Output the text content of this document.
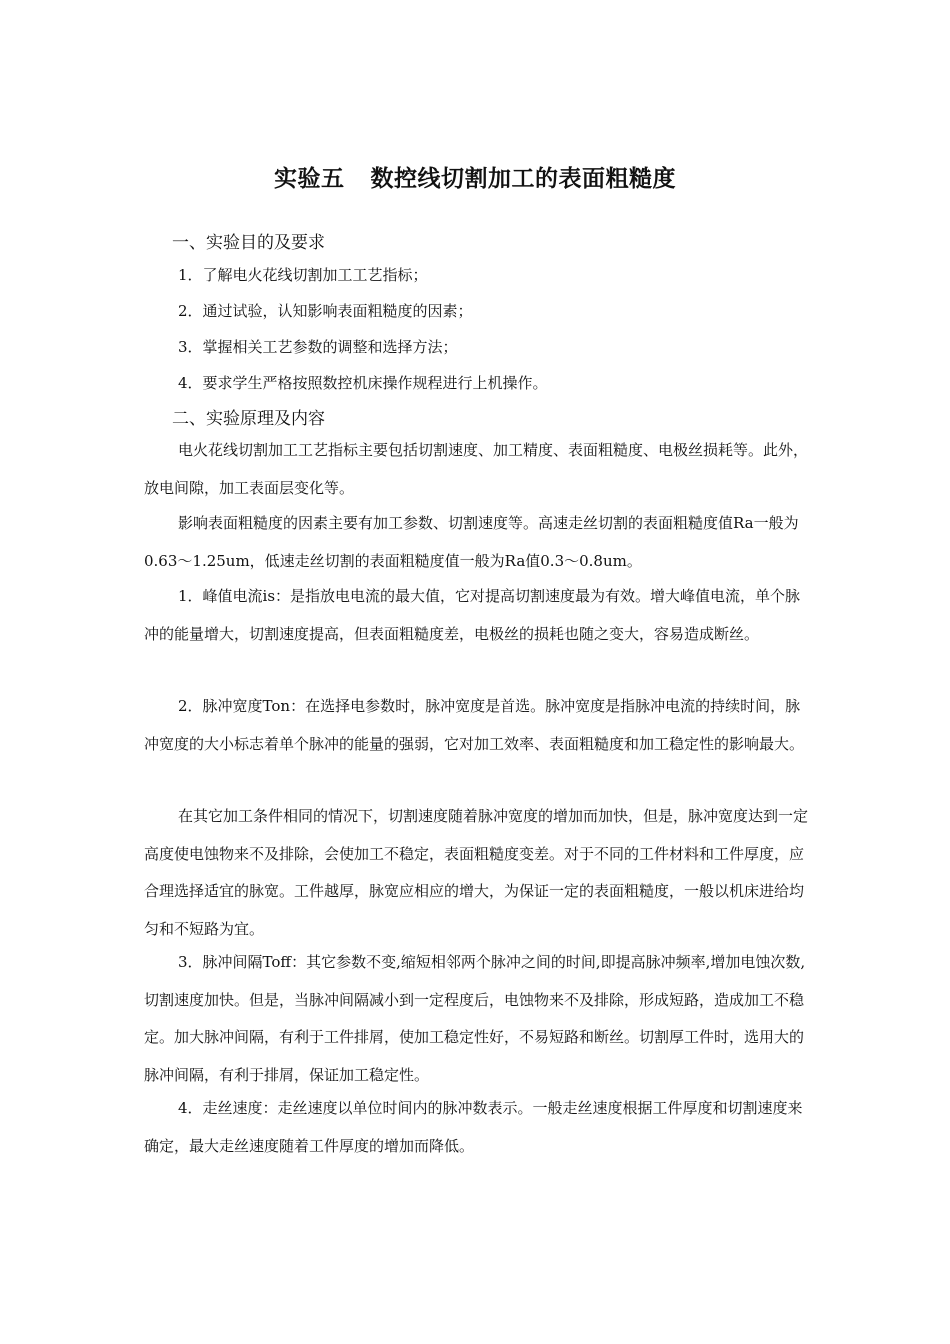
实验五 数控线切割加工的表面粗糙度
一、实验目的及要求
1．了解电火花线切割加工工艺指标；
2．通过试验，认知影响表面粗糙度的因素；
3．掌握相关工艺参数的调整和选择方法；
4．要求学生严格按照数控机床操作规程进行上机操作。
二、实验原理及内容
电火花线切割加工工艺指标主要包括切割速度、加工精度、表面粗糙度、电极丝损耗等。此外，放电间隙，加工表面层变化等。
影响表面粗糙度的因素主要有加工参数、切割速度等。高速走丝切割的表面粗糙度值Ra一般为0.63～1.25um，低速走丝切割的表面粗糙度值一般为Ra值0.3～0.8um。
1．峰值电流is：是指放电电流的最大值，它对提高切割速度最为有效。增大峰值电流，单个脉冲的能量增大，切割速度提高，但表面粗糙度差，电极丝的损耗也随之变大，容易造成断丝。
2．脉冲宽度Ton：在选择电参数时，脉冲宽度是首选。脉冲宽度是指脉冲电流的持续时间，脉冲宽度的大小标志着单个脉冲的能量的强弱，它对加工效率、表面粗糙度和加工稳定性的影响最大。
在其它加工条件相同的情况下，切割速度随着脉冲宽度的增加而加快，但是，脉冲宽度达到一定高度使电蚀物来不及排除，会使加工不稳定，表面粗糙度变差。对于不同的工件材料和工件厚度，应合理选择适宜的脉宽。工件越厚，脉宽应相应的增大，为保证一定的表面粗糙度，一般以机床进给均匀和不短路为宜。
3．脉冲间隔Toff：其它参数不变,缩短相邻两个脉冲之间的时间,即提高脉冲频率,增加电蚀次数,切割速度加快。但是，当脉冲间隔减小到一定程度后，电蚀物来不及排除，形成短路，造成加工不稳定。加大脉冲间隔，有利于工件排屑，使加工稳定性好，不易短路和断丝。切割厚工件时，选用大的脉冲间隔，有利于排屑，保证加工稳定性。
4．走丝速度：走丝速度以单位时间内的脉冲数表示。一般走丝速度根据工件厚度和切割速度来确定，最大走丝速度随着工件厚度的增加而降低。
